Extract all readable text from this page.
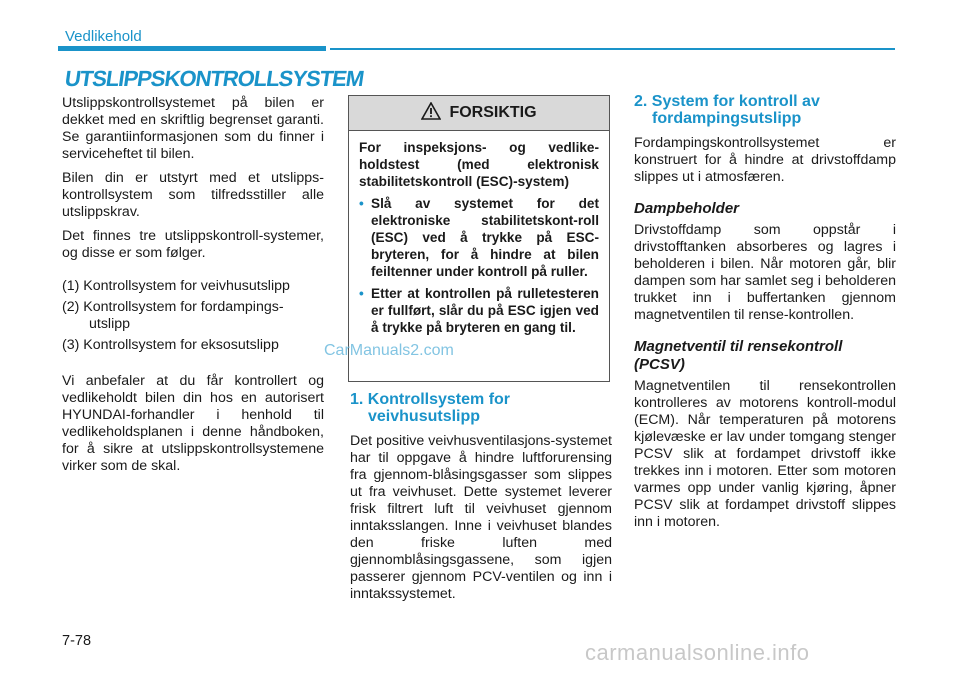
Vedlikehold
UTSLIPPSKONTROLLSYSTEM

Utslippskontrollsystemet på bilen er dekket med en skriftlig begrenset garanti. Se garantiinformasjonen som du finner i serviceheftet til bilen.

Bilen din er utstyrt med et utslipps-kontrollsystem som tilfredsstiller alle utslippskrav.

Det finnes tre utslippskontroll-systemer, og disse er som følger.

(1) Kontrollsystem for veivhusutslipp
(2) Kontrollsystem for fordampings-utslipp
(3) Kontrollsystem for eksosutslipp

Vi anbefaler at du får kontrollert og vedlikeholdt bilen din hos en autorisert HYUNDAI-forhandler i henhold til vedlikeholdsplanen i denne håndboken, for å sikre at utslippskontrollsystemene virker som de skal.

FORSIKTIG
For inspeksjons- og vedlike-holdstest (med elektronisk stabilitetskontroll (ESC)-system)
• Slå av systemet for det elektroniske stabilitetskont-roll (ESC) ved å trykke på ESC-bryteren, for å hindre at bilen feiltenner under kontroll på ruller.
• Etter at kontrollen på rulletesteren er fullført, slår du på ESC igjen ved å trykke på bryteren en gang til.
CarManuals2.com
1. Kontrollsystem for veivhusutslipp

Det positive veivhusventilasjons-systemet har til oppgave å hindre luftforurensing fra gjennom-blåsingsgasser som slippes ut fra veivhuset. Dette systemet leverer frisk filtrert luft til veivhuset gjennom inntaksslangen. Inne i veivhuset blandes den friske luften med gjennomblåsingsgassene, som igjen passerer gjennom PCV-ventilen og inn i inntakssystemet.

2. System for kontroll av fordampingsutslipp

Fordampingskontrollsystemet er konstruert for å hindre at drivstoffdamp slippes ut i atmosfæren.

Dampbeholder

Drivstoffdamp som oppstår i drivstofftanken absorberes og lagres i beholderen i bilen. Når motoren går, blir dampen som har samlet seg i beholderen trukket inn i buffertanken gjennom magnetventilen til rense-kontrollen.

Magnetventil til rensekontroll (PCSV)

Magnetventilen til rensekontrollen kontrolleres av motorens kontroll-modul (ECM). Når temperaturen på motorens kjølevæske er lav under tomgang stenger PCSV slik at fordampet drivstoff ikke trekkes inn i motoren. Etter som motoren varmes opp under vanlig kjøring, åpner PCSV slik at fordampet drivstoff slippes inn i motoren.

7-78	carmanualsonline.info
